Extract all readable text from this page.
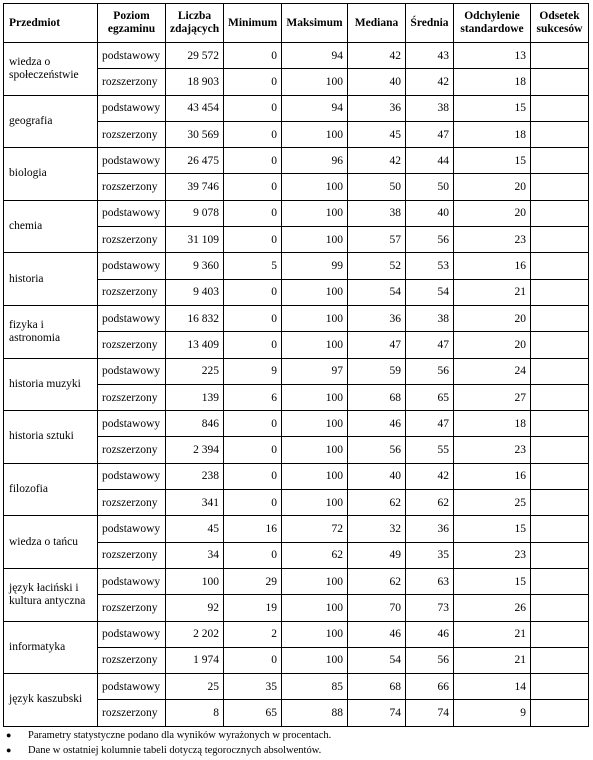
Przedmiot	Poziom egzaminu	Liczba zdających	Minimum	Maksimum	Mediana	Średnia	Odchylenie standardowe	Odsetek sukcesów
wiedza o społeczeństwie	podstawowy	29 572	0	94	42	43	13	
	rozszerzony	18 903	0	100	40	42	18	
geografia	podstawowy	43 454	0	94	36	38	15	
	rozszerzony	30 569	0	100	45	47	18	
biologia	podstawowy	26 475	0	96	42	44	15	
	rozszerzony	39 746	0	100	50	50	20	
chemia	podstawowy	9 078	0	100	38	40	20	
	rozszerzony	31 109	0	100	57	56	23	
historia	podstawowy	9 360	5	99	52	53	16	
	rozszerzony	9 403	0	100	54	54	21	
fizyka i astronomia	podstawowy	16 832	0	100	36	38	20	
	rozszerzony	13 409	0	100	47	47	20	
historia muzyki	podstawowy	225	9	97	59	56	24	
	rozszerzony	139	6	100	68	65	27	
historia sztuki	podstawowy	846	0	100	46	47	18	
	rozszerzony	2 394	0	100	56	55	23	
filozofia	podstawowy	238	0	100	40	42	16	
	rozszerzony	341	0	100	62	62	25	
wiedza o tańcu	podstawowy	45	16	72	32	36	15	
	rozszerzony	34	0	62	49	35	23	
język łaciński i kultura antyczna	podstawowy	100	29	100	62	63	15	
	rozszerzony	92	19	100	70	73	26	
informatyka	podstawowy	2 202	2	100	46	46	21	
	rozszerzony	1 974	0	100	54	56	21	
język kaszubski	podstawowy	25	35	85	68	66	14	
	rozszerzony	8	65	88	74	74	9	
●	Parametry statystyczne podano dla wyników wyrażonych w procentach.
●	Dane w ostatniej kolumnie tabeli dotyczą tegorocznych absolwentów.
